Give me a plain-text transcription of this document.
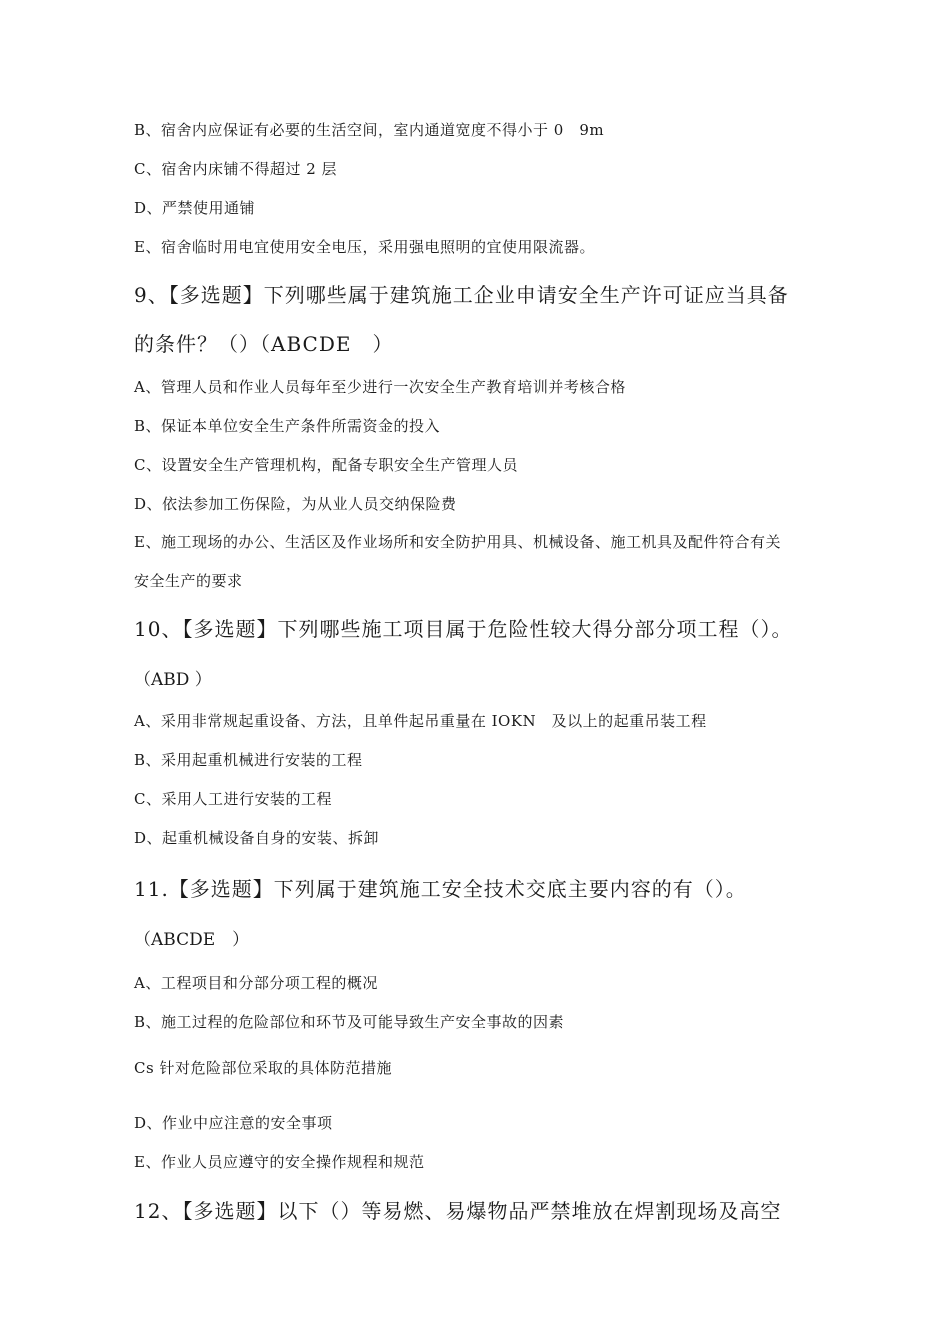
B、宿舍内应保证有必要的生活空间，室内通道宽度不得小于 0　9m
C、宿舍内床铺不得超过 2 层
D、严禁使用通铺
E、宿舍临时用电宜使用安全电压，采用强电照明的宜使用限流器。
9、【多选题】下列哪些属于建筑施工企业申请安全生产许可证应当具备
的条件？（）（ABCDE　）
A、管理人员和作业人员每年至少进行一次安全生产教育培训并考核合格
B、保证本单位安全生产条件所需资金的投入
C、设置安全生产管理机构，配备专职安全生产管理人员
D、依法参加工伤保险，为从业人员交纳保险费
E、施工现场的办公、生活区及作业场所和安全防护用具、机械设备、施工机具及配件符合有关
安全生产的要求
10、【多选题】下列哪些施工项目属于危险性较大得分部分项工程（）。
（ABD ）
A、采用非常规起重设备、方法，且单件起吊重量在 IOKN　及以上的起重吊装工程
B、采用起重机械进行安装的工程
C、采用人工进行安装的工程
D、起重机械设备自身的安装、拆卸
11.【多选题】下列属于建筑施工安全技术交底主要内容的有（）。
（ABCDE　）
A、工程项目和分部分项工程的概况
B、施工过程的危险部位和环节及可能导致生产安全事故的因素
Cs 针对危险部位采取的具体防范措施
D、作业中应注意的安全事项
E、作业人员应遵守的安全操作规程和规范
12、【多选题】以下（）等易燃、易爆物品严禁堆放在焊割现场及高空
